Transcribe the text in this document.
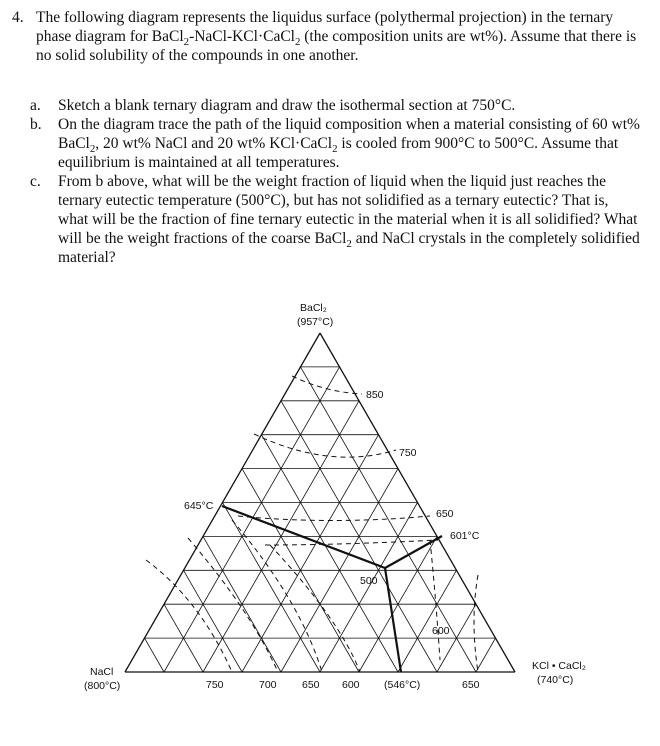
4. The following diagram represents the liquidus surface (polythermal projection) in the ternary phase diagram for BaCl$_2$-NaCl-KCl·CaCl$_2$ (the composition units are wt%). Assume that there is no solid solubility of the compounds in one another.
a. Sketch a blank ternary diagram and draw the isothermal section at 750°C.
b. On the diagram trace the path of the liquid composition when a material consisting of 60 wt% BaCl$_2$, 20 wt% NaCl and 20 wt% KCl·CaCl$_2$ is cooled from 900°C to 500°C. Assume that equilibrium is maintained at all temperatures.
c. From b above, what will be the weight fraction of liquid when the liquid just reaches the ternary eutectic temperature (500°C), but has not solidified as a ternary eutectic? That is, what will be the fraction of fine ternary eutectic in the material when it is all solidified? What will be the weight fractions of the coarse BaCl$_2$ and NaCl crystals in the completely solidified material?
BaCl₂
(957°C)
NaCl
(800°C)
KCl • CaCl₂
(740°C)
850
750
645°C
650
601°C
500
600
750	700 650 600 (546°C)	650
